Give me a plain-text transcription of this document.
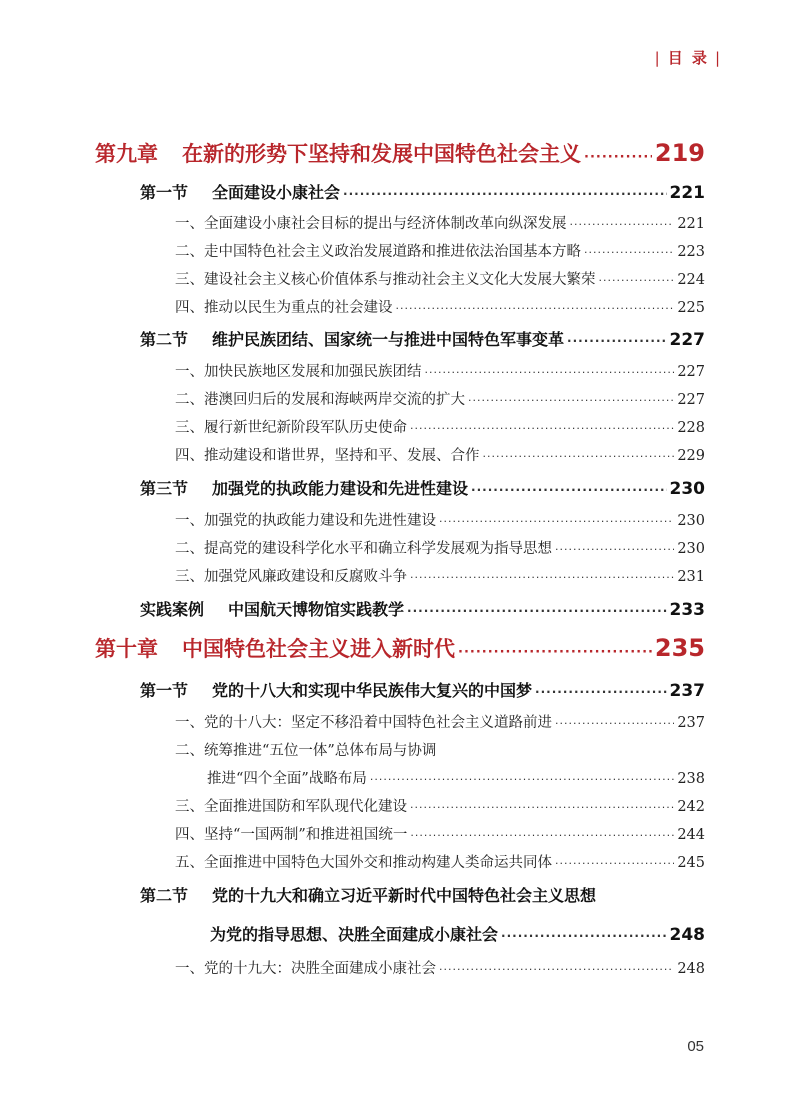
| 目 录 |
第九章 在新的形势下坚持和发展中国特色社会主义 ·····	219
第一节 全面建设小康社会 ·····	221
一、全面建设小康社会目标的提出与经济体制改革向纵深发展 ·····	221
二、走中国特色社会主义政治发展道路和推进依法治国基本方略 ·····	223
三、建设社会主义核心价值体系与推动社会主义文化大发展大繁荣 ·····	224
四、推动以民生为重点的社会建设 ·····	225
第二节 维护民族团结、国家统一与推进中国特色军事变革 ·····	227
一、加快民族地区发展和加强民族团结 ·····	227
二、港澳回归后的发展和海峡两岸交流的扩大 ·····	227
三、履行新世纪新阶段军队历史使命 ·····	228
四、推动建设和谐世界，坚持和平、发展、合作 ·····	229
第三节 加强党的执政能力建设和先进性建设 ·····	230
一、加强党的执政能力建设和先进性建设 ·····	230
二、提高党的建设科学化水平和确立科学发展观为指导思想 ·····	230
三、加强党风廉政建设和反腐败斗争 ·····	231
实践案例 中国航天博物馆实践教学 ·····	233
第十章 中国特色社会主义进入新时代 ·····	235
第一节 党的十八大和实现中华民族伟大复兴的中国梦 ·····	237
一、党的十八大：坚定不移沿着中国特色社会主义道路前进 ·····	237
二、统筹推进“五位一体”总体布局与协调
推进“四个全面”战略布局 ·····	238
三、全面推进国防和军队现代化建设 ·····	242
四、坚持“一国两制”和推进祖国统一 ·····	244
五、全面推进中国特色大国外交和推动构建人类命运共同体 ·····	245
第二节 党的十九大和确立习近平新时代中国特色社会主义思想
为党的指导思想、决胜全面建成小康社会 ·····	248
一、党的十九大：决胜全面建成小康社会 ·····	248
05
